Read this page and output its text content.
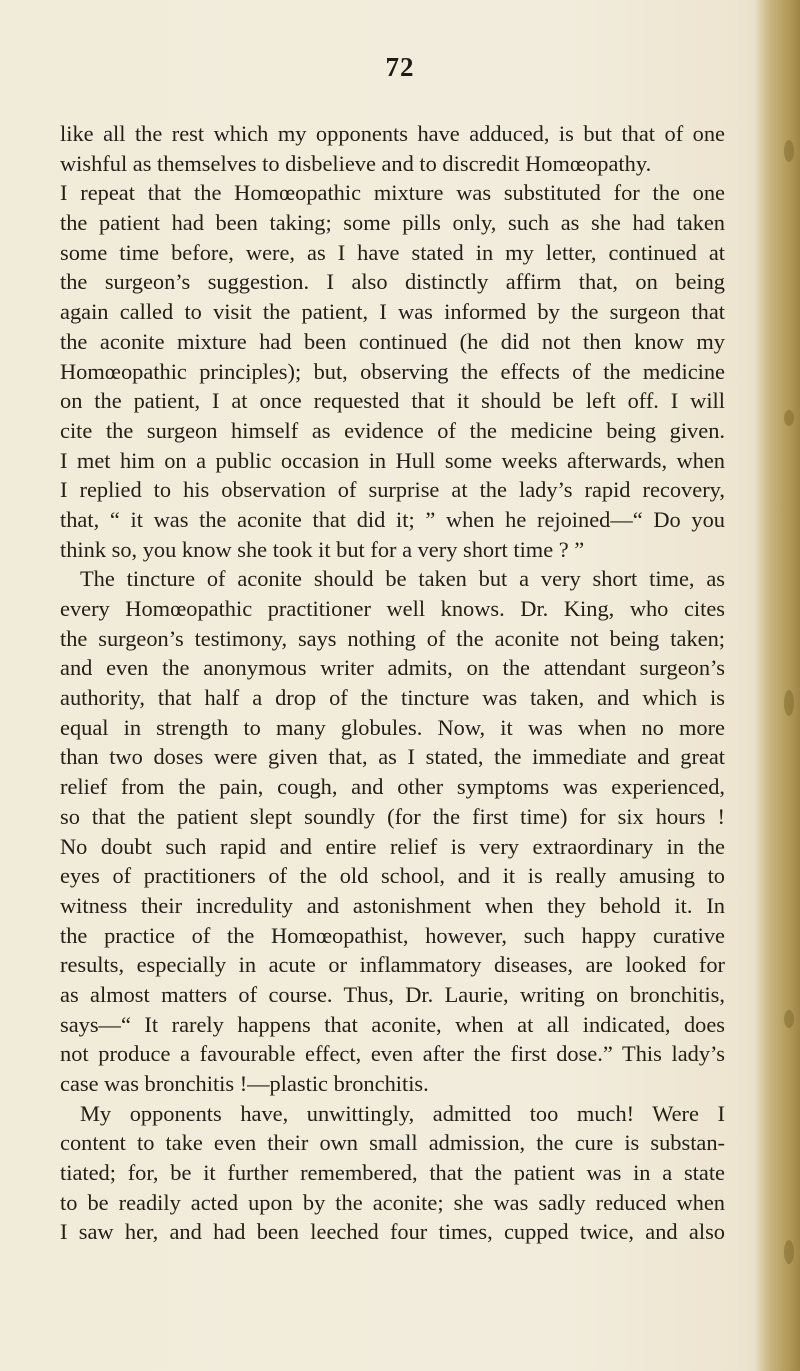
72
like all the rest which my opponents have adduced, is but that of one
wishful as themselves to disbelieve and to discredit Homœopathy.
I repeat that the Homœopathic mixture was substituted for the one
the patient had been taking; some pills only, such as she had taken
some time before, were, as I have stated in my letter, continued at
the surgeon’s suggestion. I also distinctly affirm that, on being
again called to visit the patient, I was informed by the surgeon that
the aconite mixture had been continued (he did not then know my
Homœopathic principles); but, observing the effects of the medicine
on the patient, I at once requested that it should be left off. I will
cite the surgeon himself as evidence of the medicine being given.
I met him on a public occasion in Hull some weeks afterwards, when
I replied to his observation of surprise at the lady’s rapid recovery,
that, “ it was the aconite that did it; ” when he rejoined—“ Do you
think so, you know she took it but for a very short time ? ”
The tincture of aconite should be taken but a very short time, as
every Homœopathic practitioner well knows. Dr. King, who cites
the surgeon’s testimony, says nothing of the aconite not being taken;
and even the anonymous writer admits, on the attendant surgeon’s
authority, that half a drop of the tincture was taken, and which is
equal in strength to many globules. Now, it was when no more
than two doses were given that, as I stated, the immediate and great
relief from the pain, cough, and other symptoms was experienced,
so that the patient slept soundly (for the first time) for six hours !
No doubt such rapid and entire relief is very extraordinary in the
eyes of practitioners of the old school, and it is really amusing to
witness their incredulity and astonishment when they behold it. In
the practice of the Homœopathist, however, such happy curative
results, especially in acute or inflammatory diseases, are looked for
as almost matters of course. Thus, Dr. Laurie, writing on bronchitis,
says—“ It rarely happens that aconite, when at all indicated, does
not produce a favourable effect, even after the first dose.” This lady’s
case was bronchitis !—plastic bronchitis.
My opponents have, unwittingly, admitted too much! Were I
content to take even their own small admission, the cure is substan-
tiated; for, be it further remembered, that the patient was in a state
to be readily acted upon by the aconite; she was sadly reduced when
I saw her, and had been leeched four times, cupped twice, and also
